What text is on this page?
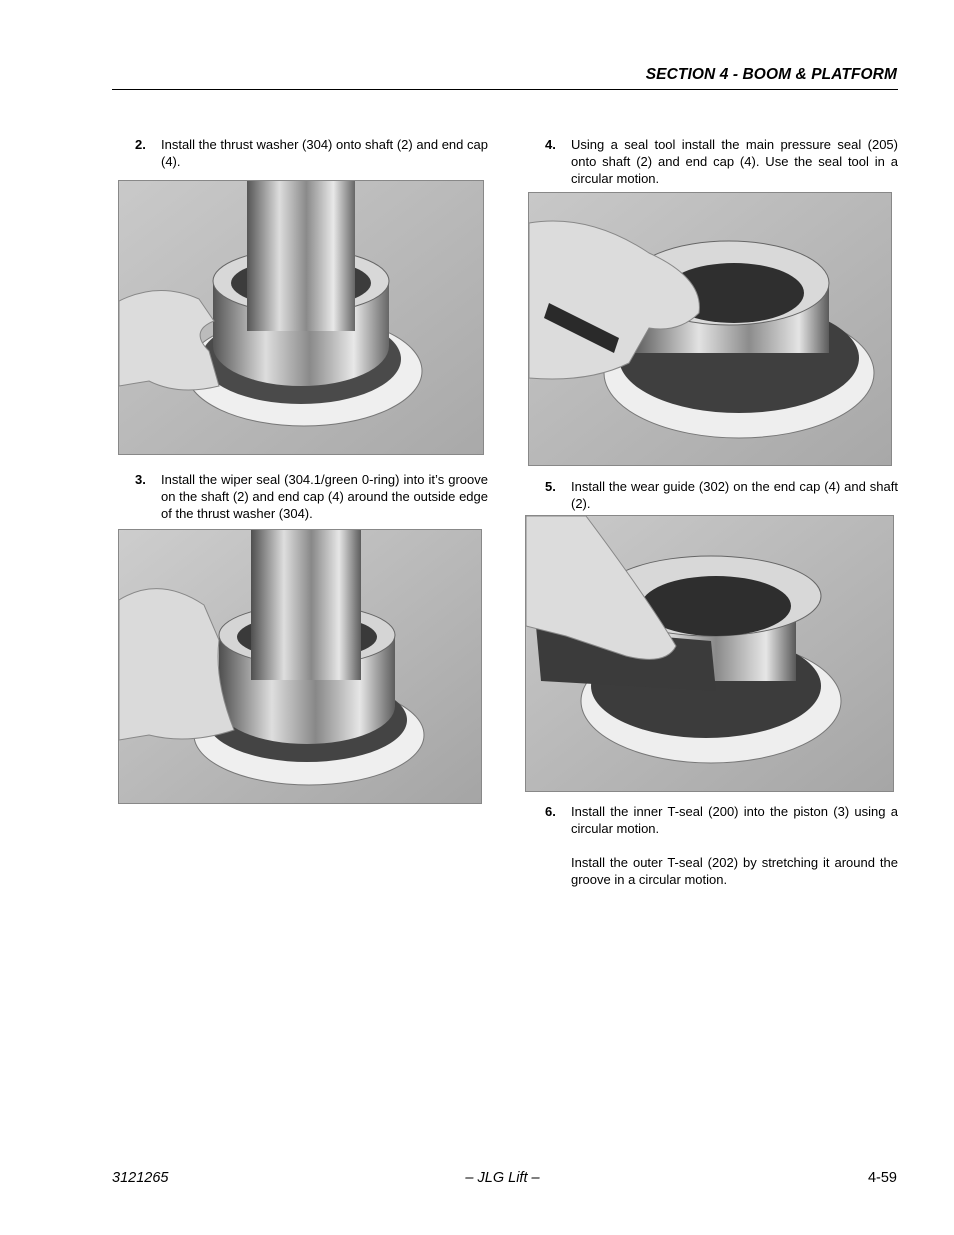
SECTION 4 - BOOM & PLATFORM
2. Install the thrust washer (304) onto shaft (2) and end cap (4).

3. Install the wiper seal (304.1/green 0-ring) into it’s groove on the shaft (2) and end cap (4) around the outside edge of the thrust washer (304).

4. Using a seal tool install the main pressure seal (205) onto shaft (2) and end cap (4). Use the seal tool in a circular motion.

5. Install the wear guide (302) on the end cap (4) and shaft (2).

6. Install the inner T-seal (200) into the piston (3) using a circular motion.

Install the outer T-seal (202) by stretching it around the groove in a circular motion.

3121265	– JLG Lift –	4-59
